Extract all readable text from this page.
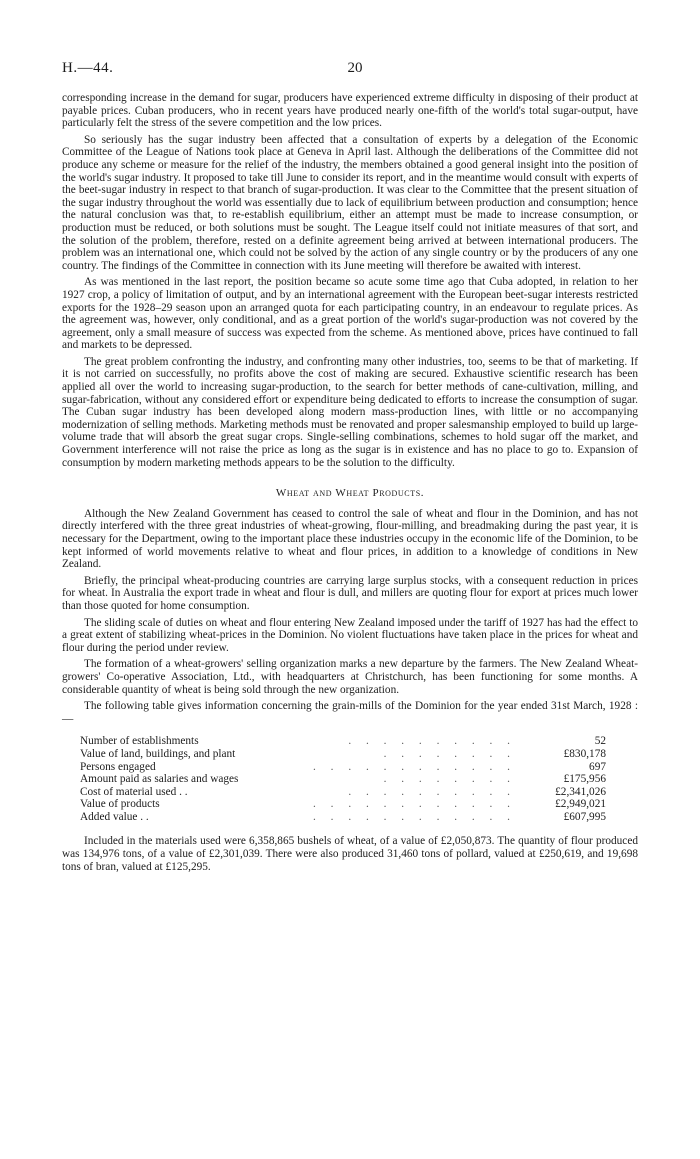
H.—44.	20

corresponding increase in the demand for sugar, producers have experienced extreme difficulty in disposing of their product at payable prices. Cuban producers, who in recent years have produced nearly one-fifth of the world's total sugar-output, have particularly felt the stress of the severe competition and the low prices.

So seriously has the sugar industry been affected that a consultation of experts by a delegation of the Economic Committee of the League of Nations took place at Geneva in April last. Although the deliberations of the Committee did not produce any scheme or measure for the relief of the industry, the members obtained a good general insight into the position of the world's sugar industry. It proposed to take till June to consider its report, and in the meantime would consult with experts of the beet-sugar industry in respect to that branch of sugar-production. It was clear to the Committee that the present situation of the sugar industry throughout the world was essentially due to lack of equilibrium between production and consumption; hence the natural conclusion was that, to re-establish equilibrium, either an attempt must be made to increase consumption, or production must be reduced, or both solutions must be sought. The League itself could not initiate measures of that sort, and the solution of the problem, therefore, rested on a definite agreement being arrived at between international producers. The problem was an international one, which could not be solved by the action of any single country or by the producers of any one country. The findings of the Committee in connection with its June meeting will therefore be awaited with interest.

As was mentioned in the last report, the position became so acute some time ago that Cuba adopted, in relation to her 1927 crop, a policy of limitation of output, and by an international agreement with the European beet-sugar interests restricted exports for the 1928–29 season upon an arranged quota for each participating country, in an endeavour to regulate prices. As the agreement was, however, only conditional, and as a great portion of the world's sugar-production was not covered by the agreement, only a small measure of success was expected from the scheme. As mentioned above, prices have continued to fall and markets to be depressed.

The great problem confronting the industry, and confronting many other industries, too, seems to be that of marketing. If it is not carried on successfully, no profits above the cost of making are secured. Exhaustive scientific research has been applied all over the world to increasing sugar-production, to the search for better methods of cane-cultivation, milling, and sugar-fabrication, without any considered effort or expenditure being dedicated to efforts to increase the consumption of sugar. The Cuban sugar industry has been developed along modern mass-production lines, with little or no accompanying modernization of selling methods. Marketing methods must be renovated and proper salesmanship employed to build up large-volume trade that will absorb the great sugar crops. Single-selling combinations, schemes to hold sugar off the market, and Government interference will not raise the price as long as the sugar is in existence and has no place to go to. Expansion of consumption by modern marketing methods appears to be the solution to the difficulty.

Wheat and Wheat Products.

Although the New Zealand Government has ceased to control the sale of wheat and flour in the Dominion, and has not directly interfered with the three great industries of wheat-growing, flour-milling, and breadmaking during the past year, it is necessary for the Department, owing to the important place these industries occupy in the economic life of the Dominion, to be kept informed of world movements relative to wheat and flour prices, in addition to a knowledge of conditions in New Zealand.

Briefly, the principal wheat-producing countries are carrying large surplus stocks, with a consequent reduction in prices for wheat. In Australia the export trade in wheat and flour is dull, and millers are quoting flour for export at prices much lower than those quoted for home consumption.

The sliding scale of duties on wheat and flour entering New Zealand imposed under the tariff of 1927 has had the effect to a great extent of stabilizing wheat-prices in the Dominion. No violent fluctuations have taken place in the prices for wheat and flour during the period under review.

The formation of a wheat-growers' selling organization marks a new departure by the farmers. The New Zealand Wheat-growers' Co-operative Association, Ltd., with headquarters at Christchurch, has been functioning for some months. A considerable quantity of wheat is being sold through the new organization.

The following table gives information concerning the grain-mills of the Dominion for the year ended 31st March, 1928 :—

Number of establishments	. . . . . . . . . .	52
Value of land, buildings, and plant	. . . . . . . .	£830,178
Persons engaged	. . . . . . . . . . . .	697
Amount paid as salaries and wages	. . . . . . . .	£175,956
Cost of material used . .	. . . . . . . . . .	£2,341,026
Value of products	. . . . . . . . . . . .	£2,949,021
Added value . .	. . . . . . . . . . . .	£607,995

Included in the materials used were 6,358,865 bushels of wheat, of a value of £2,050,873. The quantity of flour produced was 134,976 tons, of a value of £2,301,039. There were also produced 31,460 tons of pollard, valued at £250,619, and 19,698 tons of bran, valued at £125,295.
